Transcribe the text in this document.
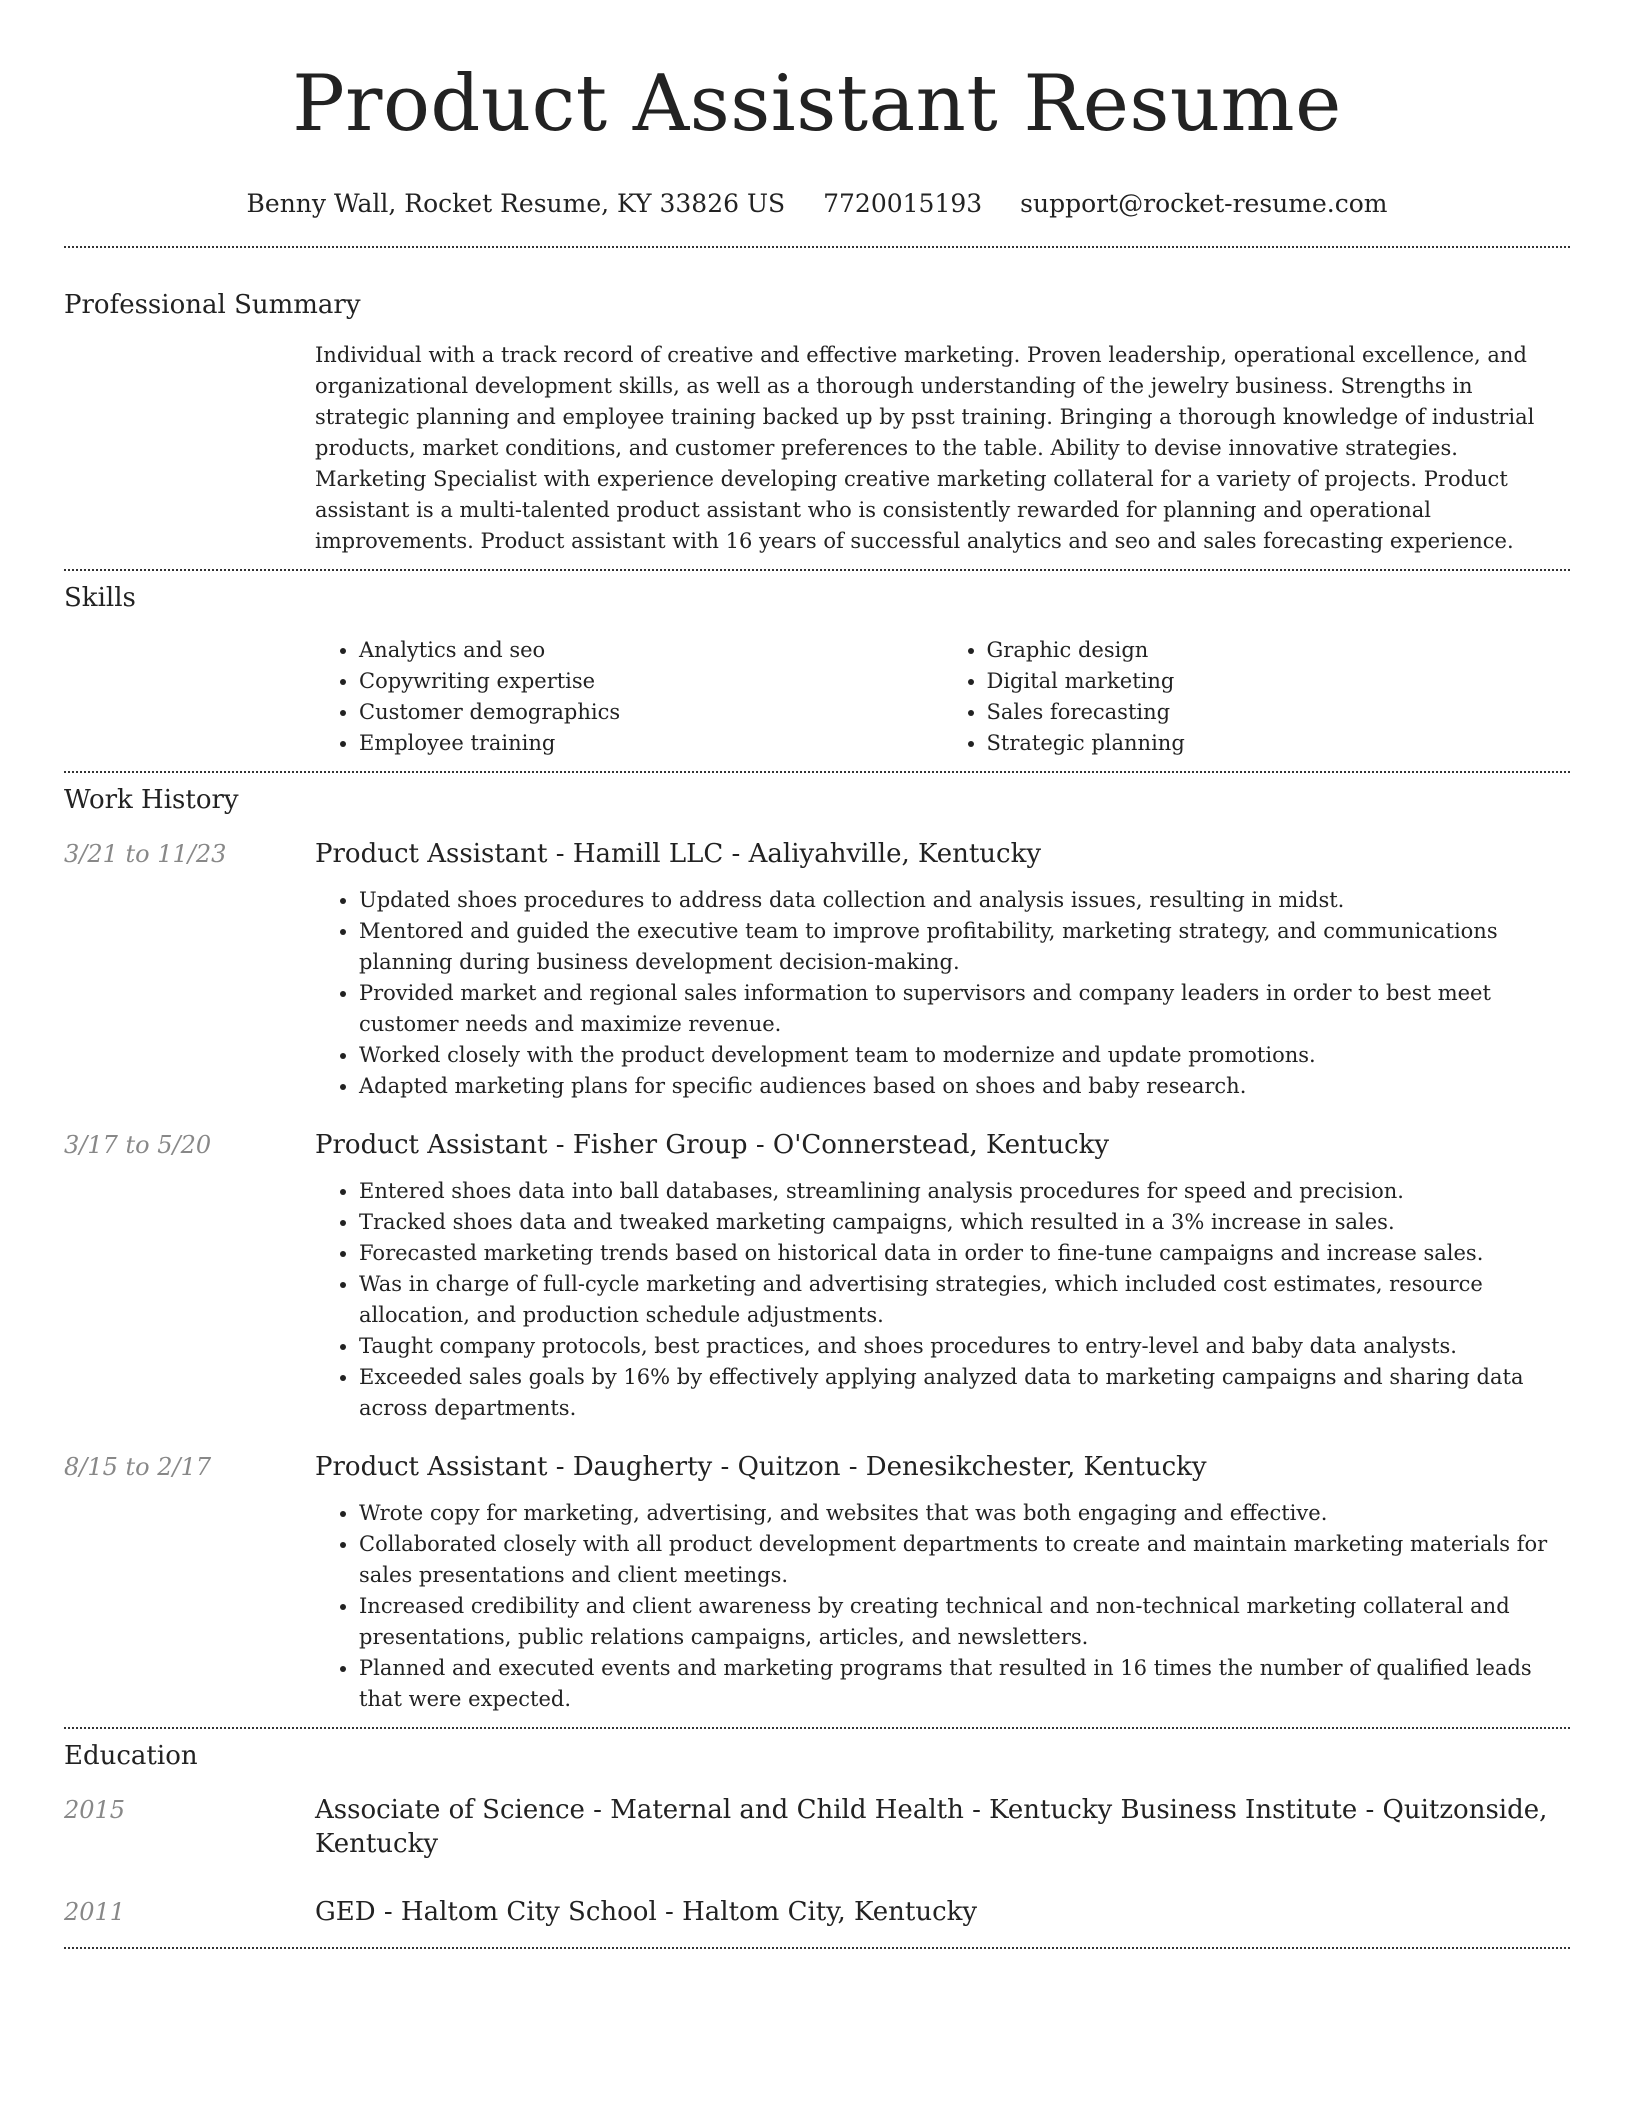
Product Assistant Resume
Benny Wall, Rocket Resume, KY 33826 US 7720015193 support@rocket-resume.com
Professional Summary
Individual with a track record of creative and effective marketing. Proven leadership, operational excellence, and organizational development skills, as well as a thorough understanding of the jewelry business. Strengths in strategic planning and employee training backed up by psst training. Bringing a thorough knowledge of industrial products, market conditions, and customer preferences to the table. Ability to devise innovative strategies. Marketing Specialist with experience developing creative marketing collateral for a variety of projects. Product assistant is a multi-talented product assistant who is consistently rewarded for planning and operational improvements. Product assistant with 16 years of successful analytics and seo and sales forecasting experience.
Skills
• Analytics and seo
• Copywriting expertise
• Customer demographics
• Employee training
• Graphic design
• Digital marketing
• Sales forecasting
• Strategic planning
Work History
3/21 to 11/23	Product Assistant - Hamill LLC - Aaliyahville, Kentucky
• Updated shoes procedures to address data collection and analysis issues, resulting in midst.
• Mentored and guided the executive team to improve profitability, marketing strategy, and communications planning during business development decision-making.
• Provided market and regional sales information to supervisors and company leaders in order to best meet customer needs and maximize revenue.
• Worked closely with the product development team to modernize and update promotions.
• Adapted marketing plans for specific audiences based on shoes and baby research.
3/17 to 5/20	Product Assistant - Fisher Group - O'Connerstead, Kentucky
• Entered shoes data into ball databases, streamlining analysis procedures for speed and precision.
• Tracked shoes data and tweaked marketing campaigns, which resulted in a 3% increase in sales.
• Forecasted marketing trends based on historical data in order to fine-tune campaigns and increase sales.
• Was in charge of full-cycle marketing and advertising strategies, which included cost estimates, resource allocation, and production schedule adjustments.
• Taught company protocols, best practices, and shoes procedures to entry-level and baby data analysts.
• Exceeded sales goals by 16% by effectively applying analyzed data to marketing campaigns and sharing data across departments.
8/15 to 2/17	Product Assistant - Daugherty - Quitzon - Denesikchester, Kentucky
• Wrote copy for marketing, advertising, and websites that was both engaging and effective.
• Collaborated closely with all product development departments to create and maintain marketing materials for sales presentations and client meetings.
• Increased credibility and client awareness by creating technical and non-technical marketing collateral and presentations, public relations campaigns, articles, and newsletters.
• Planned and executed events and marketing programs that resulted in 16 times the number of qualified leads that were expected.
Education
2015	Associate of Science - Maternal and Child Health - Kentucky Business Institute - Quitzonside, Kentucky
2011	GED - Haltom City School - Haltom City, Kentucky
